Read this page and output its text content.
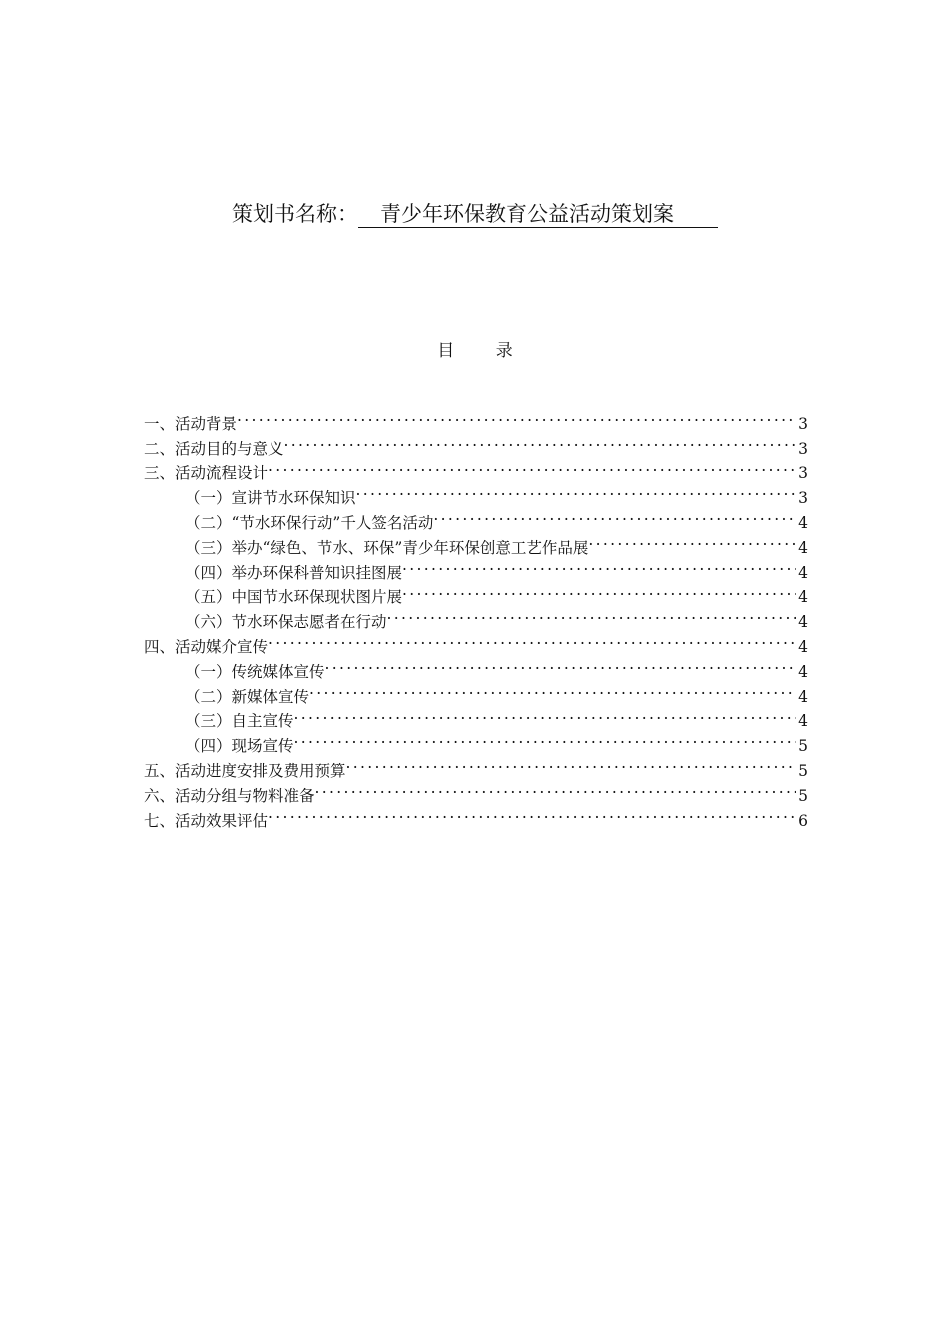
策划书名称： 青少年环保教育公益活动策划案
目 录
一、活动背景 . . .	3
二、活动目的与意义 . . .	3
三、活动流程设计 . . .	3
（一）宣讲节水环保知识 . . .	3
（二）“节水环保行动”千人签名活动 . . .	4
（三）举办“绿色、节水、环保”青少年环保创意工艺作品展 . . .	4
（四）举办环保科普知识挂图展 . . .	4
（五）中国节水环保现状图片展 . . .	4
（六）节水环保志愿者在行动 . . .	4
四、活动媒介宣传 . . .	4
（一）传统媒体宣传 . . .	4
（二）新媒体宣传 . . .	4
（三）自主宣传 . . .	4
（四）现场宣传 . . .	5
五、活动进度安排及费用预算 . . .	5
六、活动分组与物料准备 . . .	5
七、活动效果评估 . . .	6
